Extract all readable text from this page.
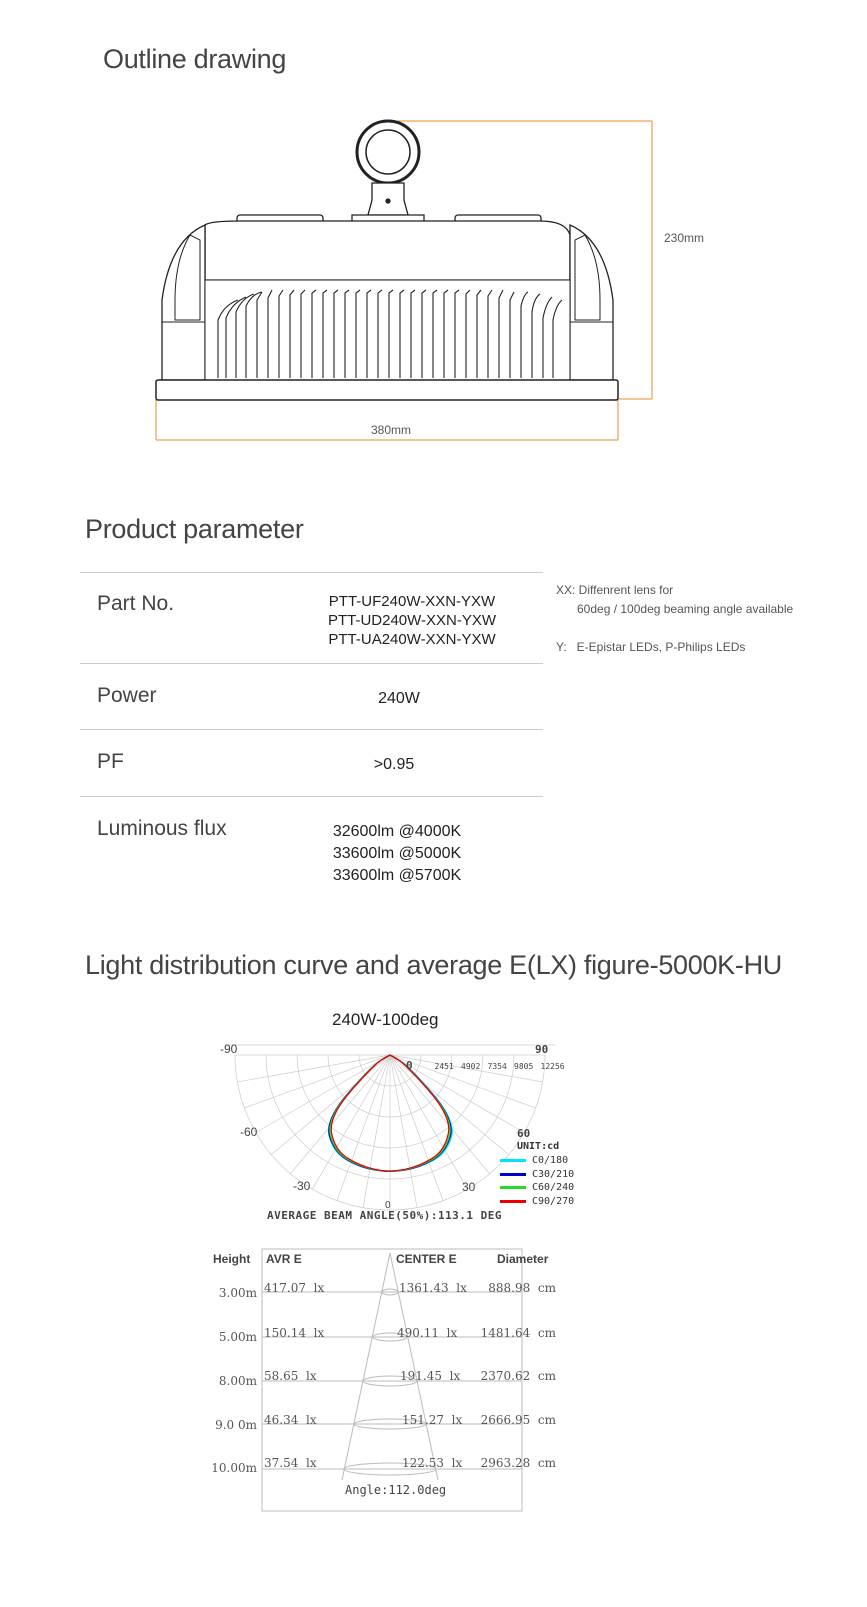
Outline drawing
230mm
380mm
Product parameter
Part No.	PTT-UF240W-XXN-YXW
PTT-UD240W-XXN-YXW
PTT-UA240W-XXN-YXW
Power	240W
PF	>0.95
Luminous flux	32600lm @4000K
33600lm @5000K
33600lm @5700K
XX: Diffenrent lens for
60deg / 100deg beaming angle available
Y:   E-Epistar LEDs, P-Philips LEDs
Light distribution curve and average E(LX) figure-5000K-HU
240W-100deg
0	2451 4902 7354 9805 12256
-90	90
-60	60
-30	30
0
UNIT:cd
C0/180
C30/210
C60/240
C90/270
AVERAGE BEAM ANGLE(50%):113.1 DEG
Height AVR E	CENTER E	Diameter
3.00m 417.07  lx	1361.43  lx 888.98  cm
5.00m 150.14  lx	490.11  lx 1481.64  cm
8.00m 58.65  lx	191.45  lx 2370.62  cm
9.0 0m 46.34  lx	151.27  lx 2666.95  cm
10.00m 37.54  lx	122.53  lx 2963.28  cm
Angle:112.0deg
